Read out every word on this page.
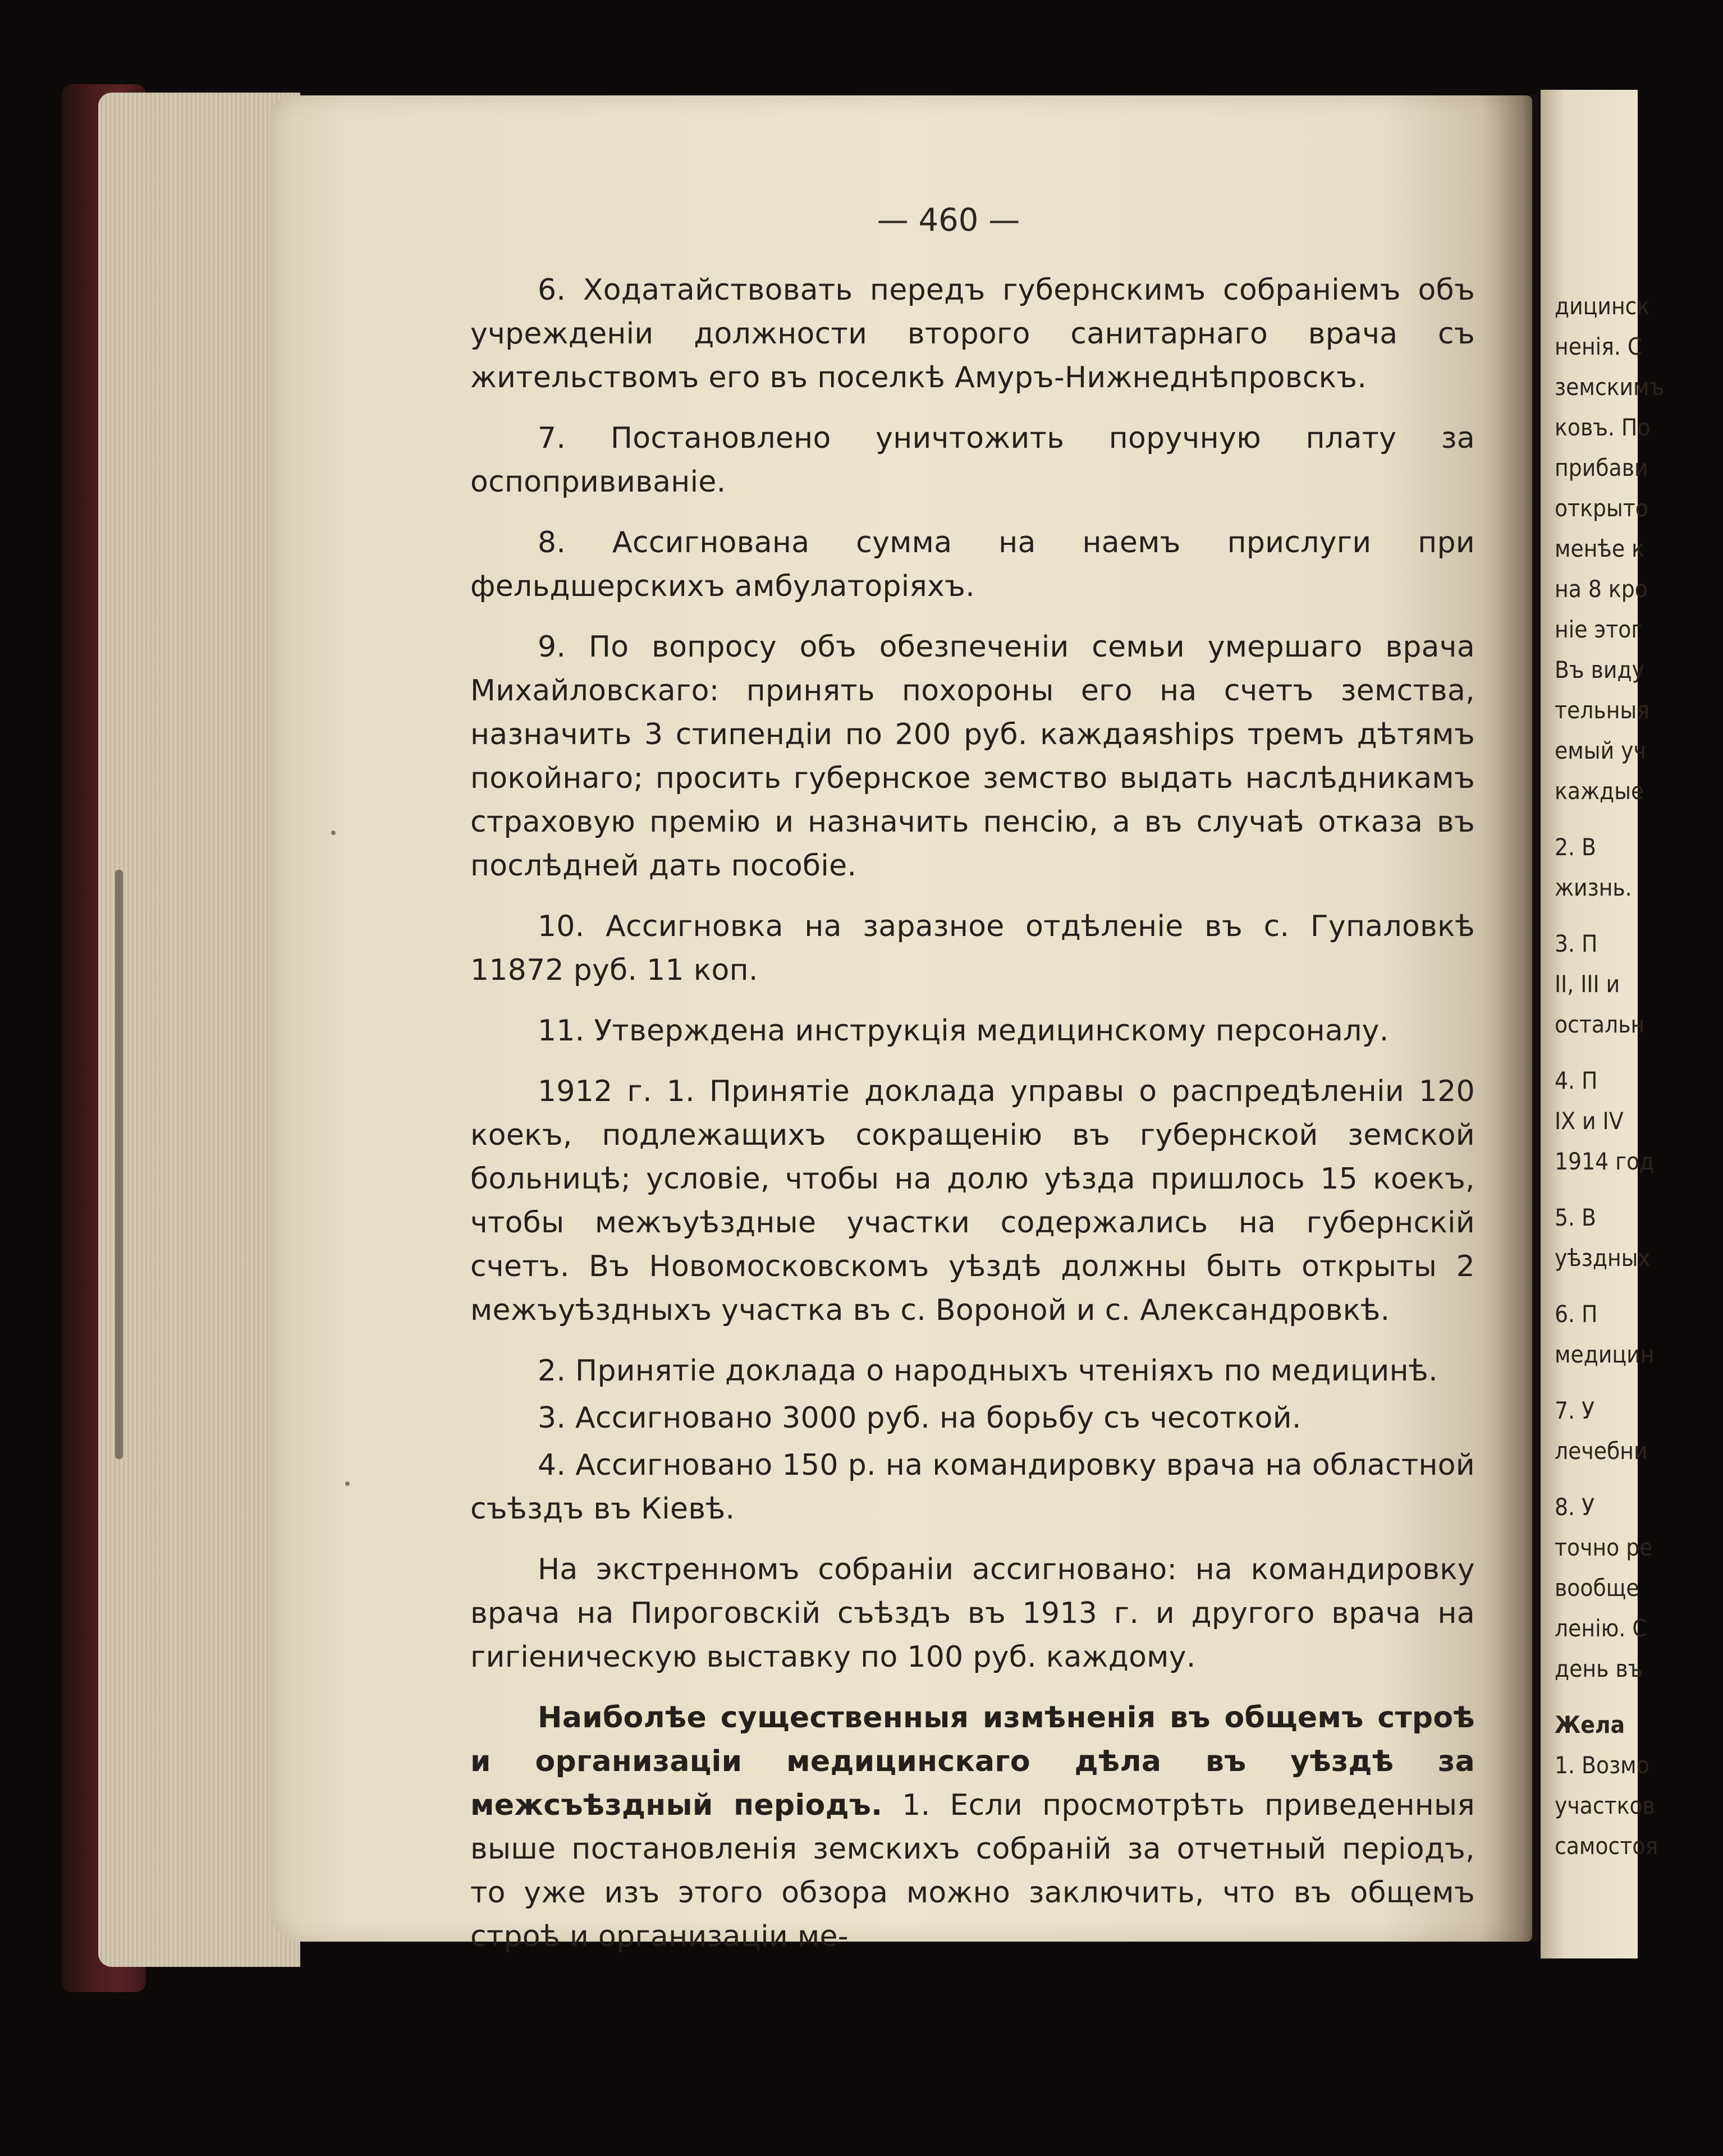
— 460 —

6. Ходатайствовать передъ губернскимъ собраніемъ объ учрежденіи должности второго санитарнаго врача съ жительствомъ его въ поселкѣ Амуръ-Нижнеднѣпровскъ.

7. Постановлено уничтожить поручную плату за оспопрививаніе.

8. Ассигнована сумма на наемъ прислуги при фельдшерскихъ амбулаторіяхъ.

9. По вопросу объ обезпеченіи семьи умершаго врача Михайловскаго: принять похороны его на счетъ земства, назначить 3 стипендіи по 200 руб. каждаяships тремъ дѣтямъ покойнаго; просить губернское земство выдать наслѣдникамъ страховую премію и назначить пенсію, а въ случаѣ отказа въ послѣдней дать пособіе.

10. Ассигновка на заразное отдѣленіе въ с. Гупаловкѣ 11872 руб. 11 коп.

11. Утверждена инструкція медицинскому персоналу.

1912 г. 1. Принятіе доклада управы о распредѣленіи 120 коекъ, подлежащихъ сокращенію въ губернской земской больницѣ; условіе, чтобы на долю уѣзда пришлось 15 коекъ, чтобы межъуѣздные участки содержались на губернскій счетъ. Въ Новомосковскомъ уѣздѣ должны быть открыты 2 межъуѣздныхъ участка въ с. Вороной и с. Александровкѣ.

2. Принятіе доклада о народныхъ чтеніяхъ по медицинѣ.

3. Ассигновано 3000 руб. на борьбу съ чесоткой.

4. Ассигновано 150 р. на командировку врача на областной съѣздъ въ Кіевѣ.

На экстренномъ собраніи ассигновано: на командировку врача на Пироговскій съѣздъ въ 1913 г. и другого врача на гигіеническую выставку по 100 руб. каждому.

Наиболѣе существенныя измѣненія въ общемъ строѣ и организаціи медицинскаго дѣла въ уѣздѣ за межсъѣздный періодъ. 1. Если просмотрѣть приведенныя выше постановленія земскихъ собраній за отчетный періодъ, то уже изъ этого обзора можно заключить, что въ общемъ строѣ и организаціи ме-

дицинск
ненія. С
земскимъ
ковъ. По
прибави
открыто
менѣе к
на 8 кро
ніе этог
Въ виду
тельныя
емый уч
каждые
2. В
жизнь.
3. П
II, III и
остальн
4. П
IX и IV
1914 год
5. В
уѣздных
6. П
медицин
7. У
лечебни
8. У
точно ре
вообще
ленію. С
день въ
Жела
1. Возмо
участков
самостоя
